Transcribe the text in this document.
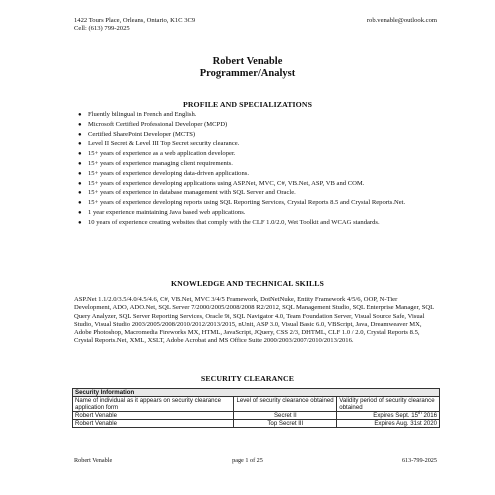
1422 Tours Place, Orleans, Ontario, K1C 3C9
Cell: (613) 799-2025
rob.venable@outlook.com
Robert Venable
Programmer/Analyst
PROFILE AND SPECIALIZATIONS
● Fluently bilingual in French and English.
● Microsoft Certified Professional Developer (MCPD)
● Certified SharePoint Developer (MCTS)
● Level II Secret & Level III Top Secret security clearance.
● 15+ years of experience as a web application developer.
● 15+ years of experience managing client requirements.
● 15+ years of experience developing data-driven applications.
● 15+ years of experience developing applications using ASP.Net, MVC, C#, VB.Net, ASP, VB and COM.
● 15+ years of experience in database management with SQL Server and Oracle.
● 15+ years of experience developing reports using SQL Reporting Services, Crystal Reports 8.5 and Crystal Reports.Net.
● 1 year experience maintaining Java based web applications.
● 10 years of experience creating websites that comply with the CLF 1.0/2.0, Wet Toolkit and WCAG standards.
KNOWLEDGE AND TECHNICAL SKILLS
ASP.Net 1.1/2.0/3.5/4.0/4.5/4.6, C#, VB.Net, MVC 3/4/5 Framework, DotNetNuke, Entity Framework 4/5/6, OOP, N-Tier Development, ADO, ADO.Net, SQL Server 7/2000/2005/2008/2008 R2/2012, SQL Management Studio, SQL Enterprise Manager, SQL Query Analyzer, SQL Server Reporting Services, Oracle 9i, SQL Navigator 4.0, Team Foundation Server, Visual Source Safe, Visual Studio, Visual Studio 2003/2005/2008/2010/2012/2013/2015, nUnit, ASP 3.0, Visual Basic 6.0, VBScript, Java, Dreamweaver MX, Adobe Photoshop, Macromedia Fireworks MX, HTML, JavaScript, JQuery, CSS 2/3, DHTML, CLF 1.0 / 2.0, Crystal Reports 8.5, Crystal Reports.Net, XML, XSLT, Adobe Acrobat and MS Office Suite 2000/2003/2007/2010/2013/2016.
SECURITY CLEARANCE
Security Information		
Name of individual as it appears on security clearance application form	Level of security clearance obtained	Validity period of security clearance obtained
Robert Venable	Secret II	Expires Sept. 15th 2016
Robert Venable	Top Secret III	Expires Aug. 31st 2020
Robert Venable	page 1 of 25	613-799-2025
